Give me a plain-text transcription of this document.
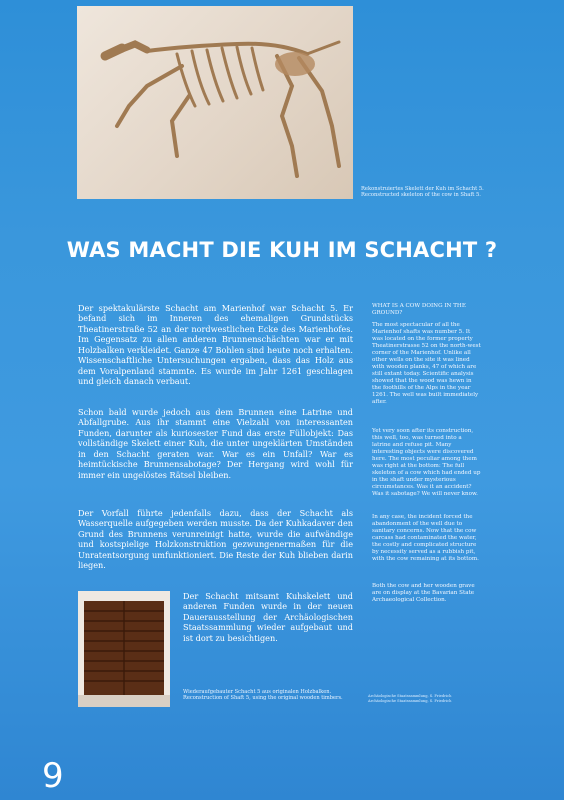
Rekonstruiertes Skelett der Kuh im Schacht 5.
Reconstructed skeleton of the cow in Shaft 5.
WAS MACHT DIE KUH IM SCHACHT ?
Der spektakulärste Schacht am Marienhof war Schacht 5. Er befand sich im Inneren des ehemaligen Grundstücks Theatinerstraße 52 an der nordwestlichen Ecke des Marienhofes. Im Gegensatz zu allen anderen Brunnenschächten war er mit Holzbalken verkleidet. Ganze 47 Bohlen sind heute noch erhalten. Wissenschaftliche Untersuchungen ergaben, dass das Holz aus dem Voralpenland stammte. Es wurde im Jahr 1261 geschlagen und gleich danach verbaut.
Schon bald wurde jedoch aus dem Brunnen eine Latrine und Abfallgrube. Aus ihr stammt eine Vielzahl von interessanten Funden, darunter als kuriosester Fund das erste Füllobjekt: Das vollständige Skelett einer Kuh, die unter ungeklärten Umständen in den Schacht geraten war. War es ein Unfall? War es heimtückische Brunnensabotage? Der Hergang wird wohl für immer ein ungelöstes Rätsel bleiben.
Der Vorfall führte jedenfalls dazu, dass der Schacht als Wasserquelle aufgegeben werden musste. Da der Kuhkadaver den Grund des Brunnens verunreinigt hatte, wurde die aufwändige und kostspielige Holzkonstruktion gezwungenermaßen für die Unratentsorgung umfunktioniert. Die Reste der Kuh blieben darin liegen.
Der Schacht mitsamt Kuhskelett und anderen Funden wurde in der neuen Dauerausstellung der Archäologischen Staatssammlung wieder aufgebaut und ist dort zu besichtigen.
Wiederaufgebauter Schacht 5 aus originalen Holzbalken.
Reconstruction of Shaft 5, using the original wooden timbers.
WHAT IS A COW DOING IN THE GROUND?
The most spectacular of all the Marienhof shafts was number 5. It was located on the former property Theatinerstrasse 52 on the north-west corner of the Marienhof. Unlike all other wells on the site it was lined with wooden planks, 47 of which are still extant today. Scientific analysis showed that the wood was hewn in the foothills of the Alps in the year 1261. The well was built immediately after.
Yet very soon after its construction, this well, too, was turned into a latrine and refuse pit. Many interesting objects were discovered here. The most peculiar among them was right at the bottom: The full skeleton of a cow which had ended up in the shaft under mysterious circumstances. Was it an accident? Was it sabotage? We will never know.
In any case, the incident forced the abandonment of the well due to sanitary concerns. Now that the cow carcass had contaminated the water, the costly and complicated structure by necessity served as a rubbish pit, with the cow remaining at its bottom.
Both the cow and her wooden grave are on display at the Bavarian State Archaeological Collection.
Archäologische Staatssammlung, S. Friedrich
Archäologische Staatssammlung, S. Friedrich
9
